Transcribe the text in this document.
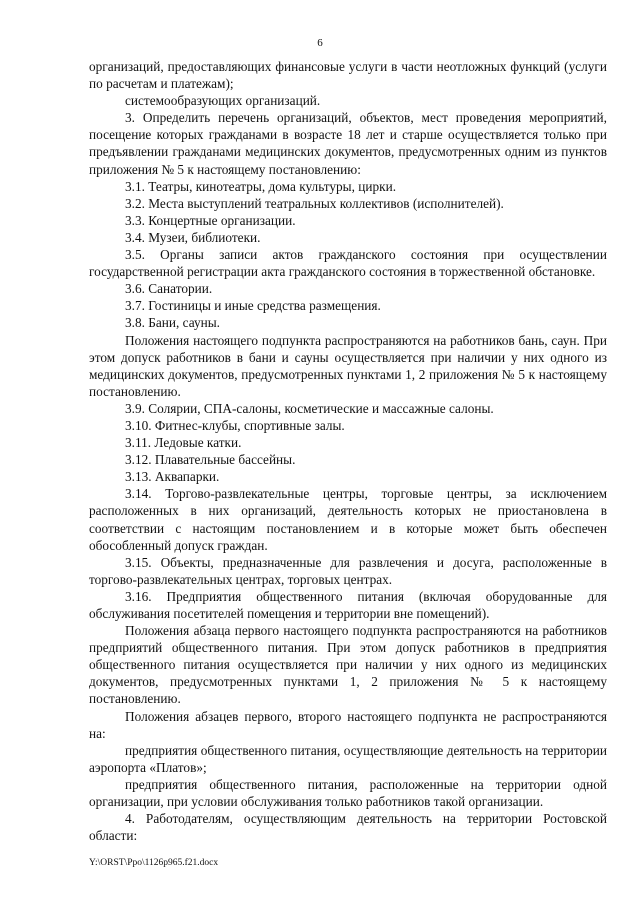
6

организаций, предоставляющих финансовые услуги в части неотложных функций (услуги по расчетам и платежам);

системообразующих организаций.

3. Определить перечень организаций, объектов, мест проведения мероприятий, посещение которых гражданами в возрасте 18 лет и старше осуществляется только при предъявлении гражданами медицинских документов, предусмотренных одним из пунктов приложения № 5 к настоящему постановлению:

3.1. Театры, кинотеатры, дома культуры, цирки.

3.2. Места выступлений театральных коллективов (исполнителей).

3.3. Концертные организации.

3.4. Музеи, библиотеки.

3.5. Органы записи актов гражданского состояния при осуществлении государственной регистрации акта гражданского состояния в торжественной обстановке.

3.6. Санатории.

3.7. Гостиницы и иные средства размещения.

3.8. Бани, сауны.

Положения настоящего подпункта распространяются на работников бань, саун. При этом допуск работников в бани и сауны осуществляется при наличии у них одного из медицинских документов, предусмотренных пунктами 1, 2 приложения № 5 к настоящему постановлению.

3.9. Солярии, СПА-салоны, косметические и массажные салоны.

3.10. Фитнес-клубы, спортивные залы.

3.11. Ледовые катки.

3.12. Плавательные бассейны.

3.13. Аквапарки.

3.14. Торгово-развлекательные центры, торговые центры, за исключением расположенных в них организаций, деятельность которых не приостановлена в соответствии с настоящим постановлением и в которые может быть обеспечен обособленный допуск граждан.

3.15. Объекты, предназначенные для развлечения и досуга, расположенные в торгово-развлекательных центрах, торговых центрах.

3.16. Предприятия общественного питания (включая оборудованные для обслуживания посетителей помещения и территории вне помещений).

Положения абзаца первого настоящего подпункта распространяются на работников предприятий общественного питания. При этом допуск работников в предприятия общественного питания осуществляется при наличии у них одного из медицинских документов, предусмотренных пунктами 1, 2 приложения № 5 к настоящему постановлению.

Положения абзацев первого, второго настоящего подпункта не распространяются на:

предприятия общественного питания, осуществляющие деятельность на территории аэропорта «Платов»;

предприятия общественного питания, расположенные на территории одной организации, при условии обслуживания только работников такой организации.

4. Работодателям, осуществляющим деятельность на территории Ростовской области:

Y:\ORST\Ppo\1126p965.f21.docx
